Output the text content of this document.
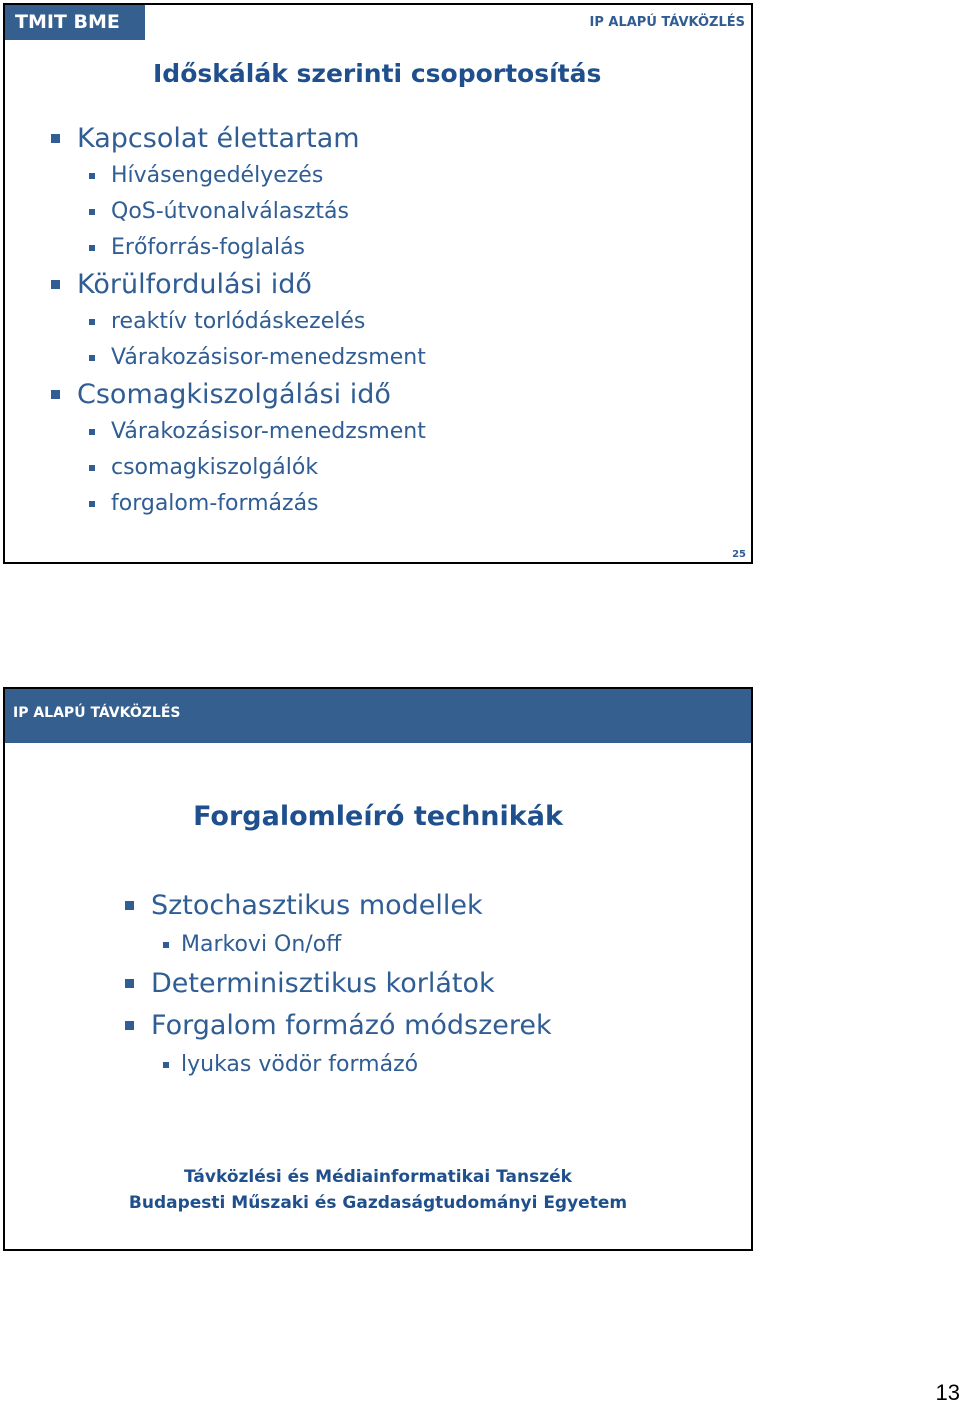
TMIT BME	IP ALAPÚ TÁVKÖZLÉS
Időskálák szerinti csoportosítás
Kapcsolat élettartam
Hívásengedélyezés
QoS-útvonalválasztás
Erőforrás-foglalás
Körülfordulási idő
reaktív torlódáskezelés
Várakozásisor-menedzsment
Csomagkiszolgálási idő
Várakozásisor-menedzsment
csomagkiszolgálók
forgalom-formázás
25
IP ALAPÚ TÁVKÖZLÉS
Forgalomleíró technikák
Sztochasztikus modellek
Markovi On/off
Determinisztikus korlátok
Forgalom formázó módszerek
lyukas vödör formázó
Távközlési és Médiainformatikai Tanszék
Budapesti Műszaki és Gazdaságtudományi Egyetem
13
